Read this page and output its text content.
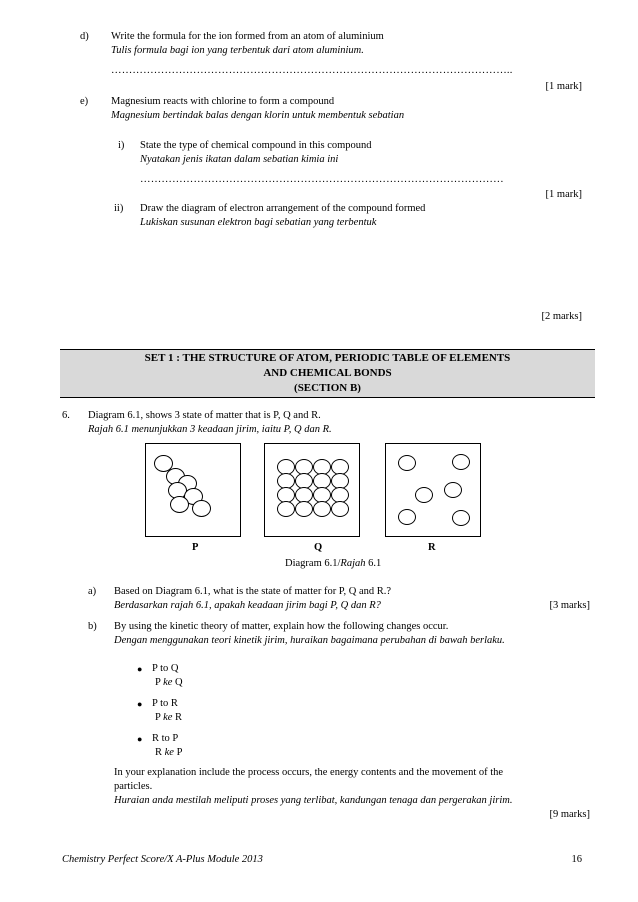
d) Write the formula for the ion formed from an atom of aluminium
Tulis formula bagi ion yang terbentuk dari atom aluminium.
…………………………………………………………………………………………………..
[1 mark]
e) Magnesium reacts with chlorine to form a compound
Magnesium bertindak balas dengan klorin untuk membentuk sebatian
i) State the type of chemical compound in this compound
Nyatakan jenis ikatan dalam sebatian kimia ini
…………………………………………………………………………………………
[1 mark]
ii) Draw the diagram of electron arrangement of the compound formed
Lukiskan susunan elektron bagi sebatian yang terbentuk
[2 marks]
SET 1 : THE STRUCTURE OF ATOM, PERIODIC TABLE OF ELEMENTS
AND CHEMICAL BONDS
(SECTION B)
6. Diagram 6.1, shows 3 state of matter that is P, Q and R.
Rajah 6.1 menunjukkan 3 keadaan jirim, iaitu P, Q dan R.
P	Q	R
Diagram 6.1/Rajah 6.1
a) Based on Diagram 6.1, what is the state of matter for P, Q and R.?
Berdasarkan rajah 6.1, apakah keadaan jirim bagi P, Q dan R?	[3 marks]
b) By using the kinetic theory of matter, explain how the following changes occur.
Dengan menggunakan teori kinetik jirim, huraikan bagaimana perubahan di bawah berlaku.
● P to Q
P ke Q
● P to R
P ke R
● R to P
R ke P
In your explanation include the process occurs, the energy contents and the movement of the
particles.
Huraian anda mestilah meliputi proses yang terlibat, kandungan tenaga dan pergerakan jirim.
[9 marks]
Chemistry Perfect Score/X A-Plus Module 2013	16
